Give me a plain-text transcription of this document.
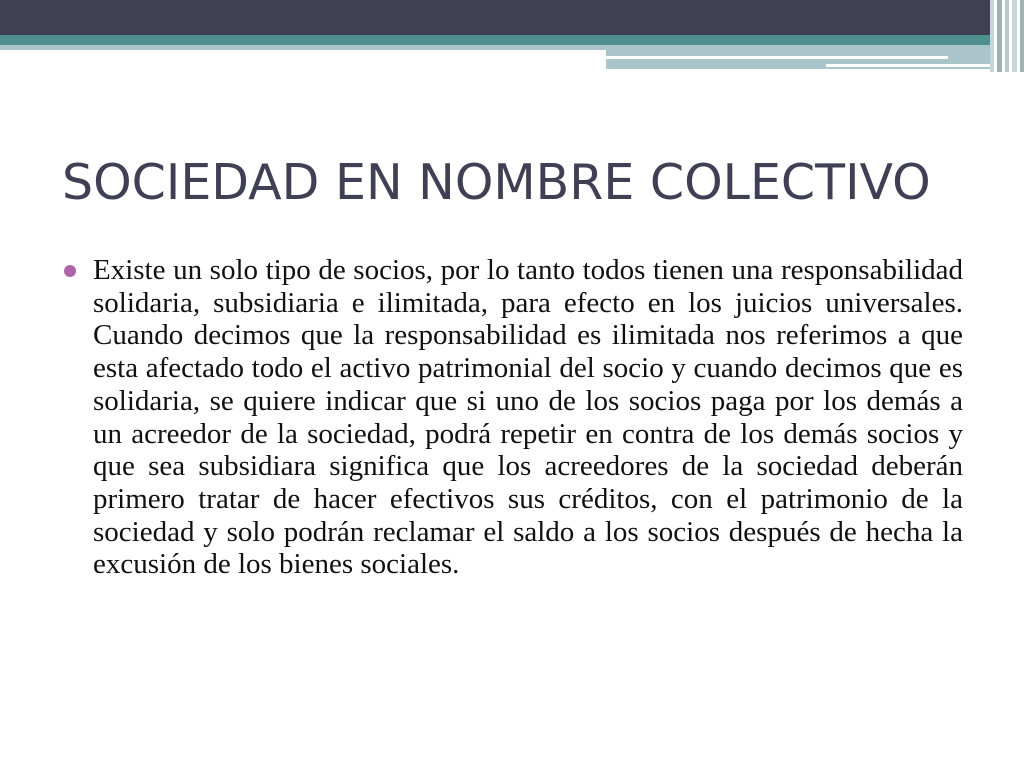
SOCIEDAD EN NOMBRE COLECTIVO

Existe un solo tipo de socios, por lo tanto todos tienen una responsabilidad solidaria, subsidiaria e ilimitada, para efecto en los juicios universales. Cuando decimos que la responsabilidad es ilimitada nos referimos a que esta afectado todo el activo patrimonial del socio y cuando decimos que es solidaria, se quiere indicar que si uno de los socios paga por los demás a un acreedor de la sociedad, podrá repetir en contra de los demás socios y que sea subsidiara significa que los acreedores de la sociedad deberán primero tratar de hacer efectivos sus créditos, con el patrimonio de la sociedad y solo podrán reclamar el saldo a los socios después de hecha la excusión de los bienes sociales.
